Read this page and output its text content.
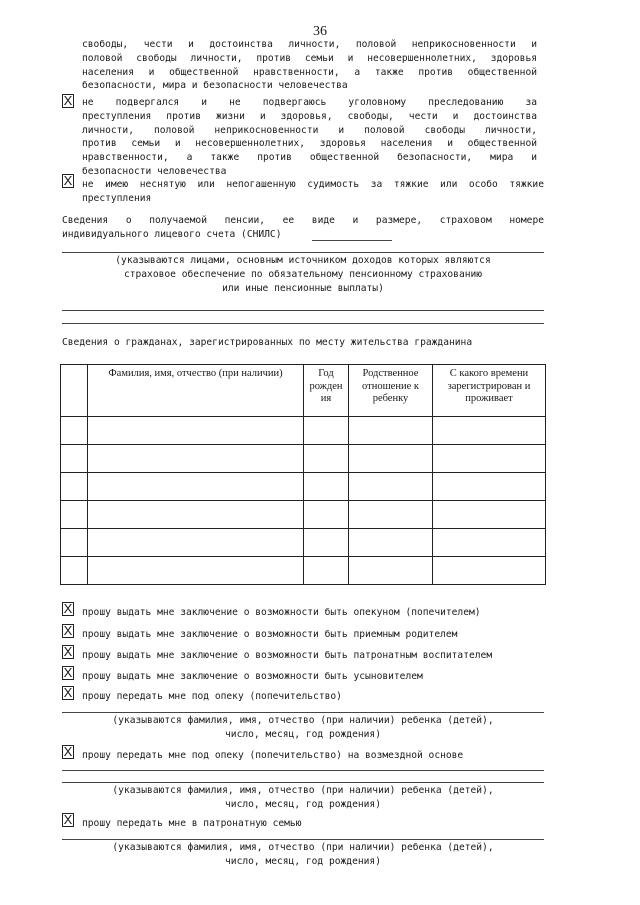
36
свободы, чести и достоинства личности, половой неприкосновенности и
половой свободы личности, против семьи и несовершеннолетних, здоровья
населения и общественной нравственности, а также против общественной
безопасности, мира и безопасности человечества
X не подвергался и не подвергаюсь уголовному преследованию за
преступления против жизни и здоровья, свободы, чести и достоинства
личности, половой неприкосновенности и половой свободы личности,
против семьи и несовершеннолетних, здоровья населения и общественной
нравственности, а также против общественной безопасности, мира и
безопасности человечества
X не имею неснятую или непогашенную судимость за тяжкие или особо тяжкие
преступления
Сведения о получаемой пенсии, ее виде и размере, страховом номере
индивидуального лицевого счета (СНИЛС)
(указываются лицами, основным источником доходов которых являются
страховое обеспечение по обязательному пенсионному страхованию
или иные пенсионные выплаты)
Сведения о гражданах, зарегистрированных по месту жительства гражданина
	Фамилия, имя, отчество (при наличии)	Год рожден ия	Родственное отношение к ребенку	С какого времени зарегистрирован и проживает

X прошу выдать мне заключение о возможности быть опекуном (попечителем)
X прошу выдать мне заключение о возможности быть приемным родителем
X прошу выдать мне заключение о возможности быть патронатным воспитателем
X прошу выдать мне заключение о возможности быть усыновителем
X прошу передать мне под опеку (попечительство)
(указываются фамилия, имя, отчество (при наличии) ребенка (детей),
число, месяц, год рождения)
X прошу передать мне под опеку (попечительство) на возмездной основе
(указываются фамилия, имя, отчество (при наличии) ребенка (детей),
число, месяц, год рождения)
X прошу передать мне в патронатную семью
(указываются фамилия, имя, отчество (при наличии) ребенка (детей),
число, месяц, год рождения)
